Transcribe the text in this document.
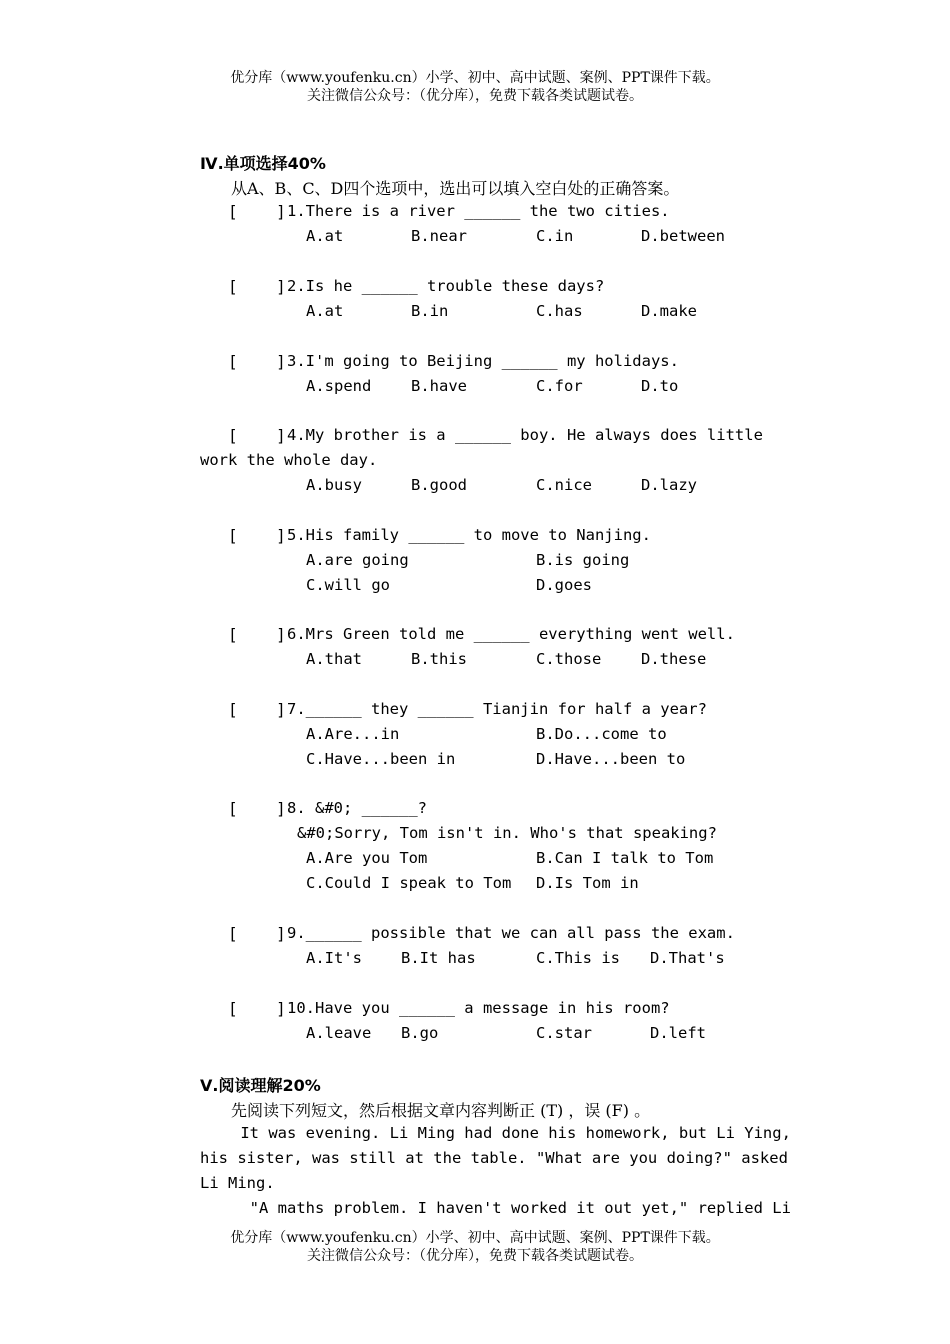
优分库（www.youfenku.cn）小学、初中、高中试题、案例、PPT课件下载。
关注微信公众号：（优分库），免费下载各类试题试卷。
Ⅳ.单项选择40%
从A、B、C、D四个选项中，选出可以填入空白处的正确答案。
[    ] 1.There is a river ______ the two cities.
A.at	B.near	C.in	D.between
[    ] 2.Is he ______ trouble these days?
A.at	B.in	C.has	D.make
[    ] 3.I'm going to Beijing ______ my holidays.
A.spend	B.have	C.for	D.to
[    ] 4.My brother is a ______ boy. He always does little
work the whole day.
A.busy	B.good	C.nice	D.lazy
[    ] 5.His family ______ to move to Nanjing.
A.are going	B.is going
C.will go	D.goes
[    ] 6.Mrs Green told me ______ everything went well.
A.that	B.this	C.those	D.these
[    ] 7.______ they ______ Tianjin for half a year?
A.Are...in	B.Do...come to
C.Have...been in	D.Have...been to
[    ] 8. &#0; ______?
&#0;Sorry, Tom isn't in. Who's that speaking?
A.Are you Tom	B.Can I talk to Tom
C.Could I speak to Tom D.Is Tom in
[    ] 9.______ possible that we can all pass the exam.
A.It's	B.It has	C.This is D.That's
[    ] 10.Have you ______ a message in his room?
A.leave B.go	C.star	D.left
Ⅴ.阅读理解20%
先阅读下列短文，然后根据文章内容判断正 (T) ，误 (F) 。
It was evening. Li Ming had done his homework, but Li Ying,
his sister, was still at the table. "What are you doing?" asked
Li Ming.
"A maths problem. I haven't worked it out yet," replied Li
优分库（www.youfenku.cn）小学、初中、高中试题、案例、PPT课件下载。
关注微信公众号：（优分库），免费下载各类试题试卷。
